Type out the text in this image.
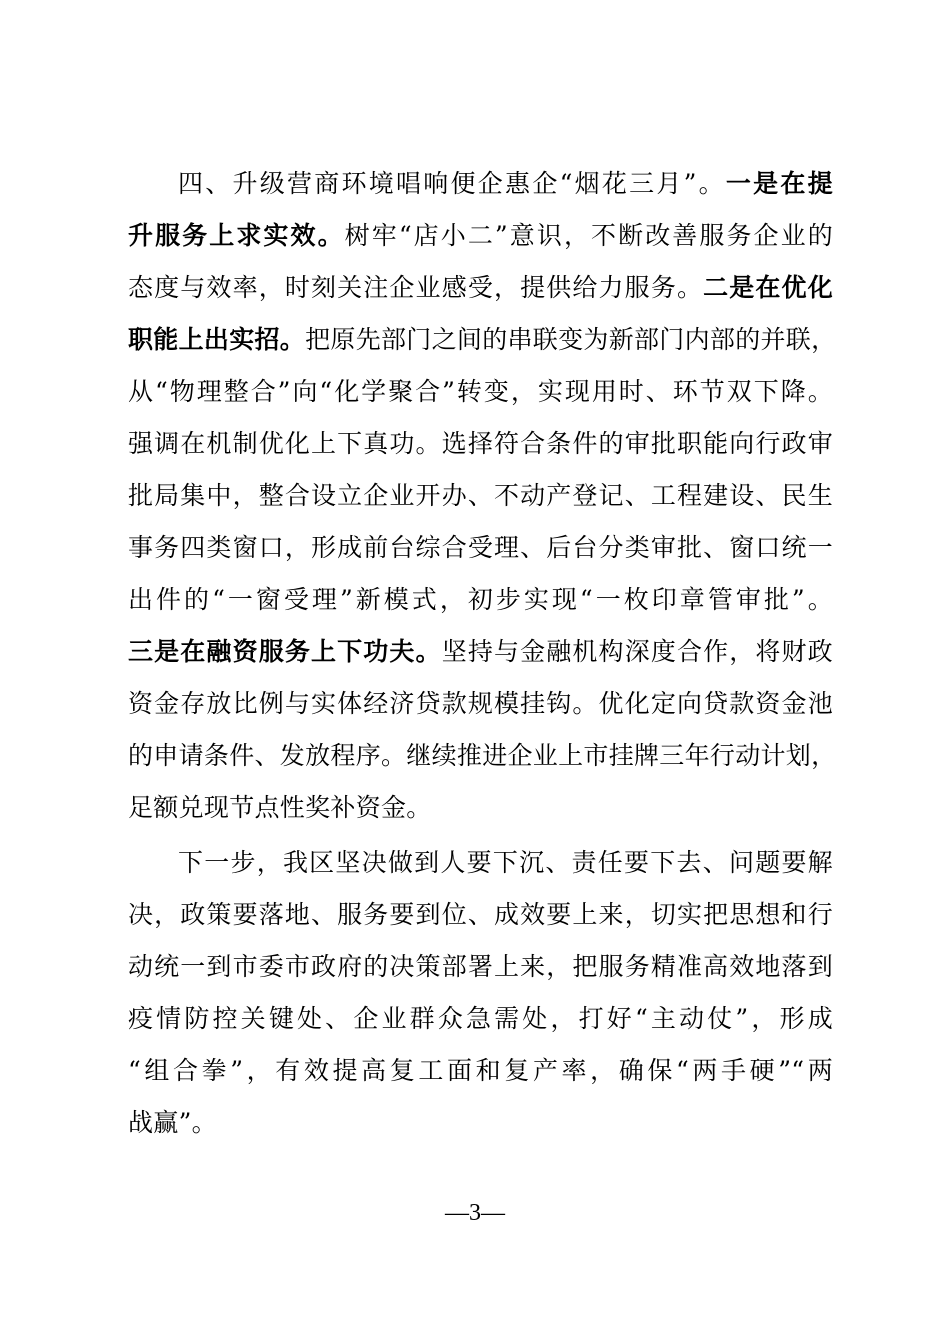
四、升级营商环境唱响便企惠企“烟花三月”。一是在提
升服务上求实效。树牢“店小二”意识，不断改善服务企业的
态度与效率，时刻关注企业感受，提供给力服务。二是在优化
职能上出实招。把原先部门之间的串联变为新部门内部的并联，
从“物理整合”向“化学聚合”转变，实现用时、环节双下降。
强调在机制优化上下真功。选择符合条件的审批职能向行政审
批局集中，整合设立企业开办、不动产登记、工程建设、民生
事务四类窗口，形成前台综合受理、后台分类审批、窗口统一
出件的“一窗受理”新模式，初步实现“一枚印章管审批”。
三是在融资服务上下功夫。坚持与金融机构深度合作，将财政
资金存放比例与实体经济贷款规模挂钩。优化定向贷款资金池
的申请条件、发放程序。继续推进企业上市挂牌三年行动计划，
足额兑现节点性奖补资金。
下一步，我区坚决做到人要下沉、责任要下去、问题要解
决，政策要落地、服务要到位、成效要上来，切实把思想和行
动统一到市委市政府的决策部署上来，把服务精准高效地落到
疫情防控关键处、企业群众急需处，打好“主动仗”，形成
“组合拳”，有效提高复工面和复产率，确保“两手硬”“两
战赢”。
—3—
